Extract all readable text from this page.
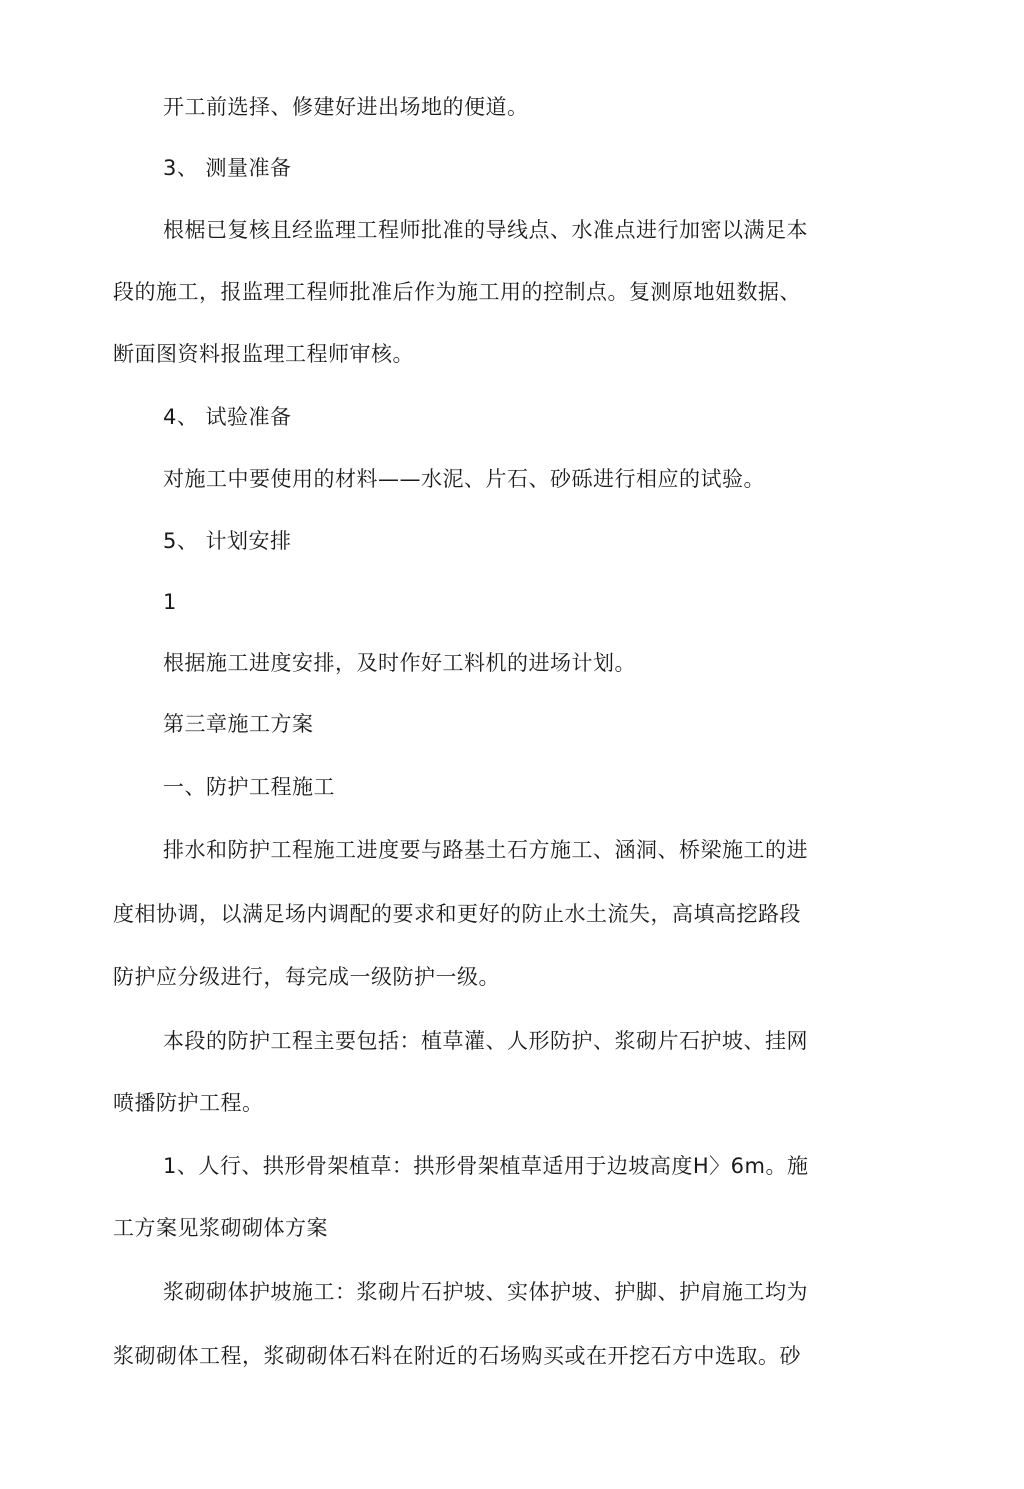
开工前选择、修建好进出场地的便道。
3、 测量准备
根椐已复核且经监理工程师批准的导线点、水准点进行加密以满足本
段的施工，报监理工程师批准后作为施工用的控制点。复测原地妞数据、
断面图资料报监理工程师审核。
4、 试验准备
对施工中要使用的材料——水泥、片石、砂砾进行相应的试验。
5、 计划安排
1
根据施工进度安排，及时作好工料机的进场计划。
第三章施工方案
一、防护工程施工
排水和防护工程施工进度要与路基土石方施工、涵洞、桥梁施工的进
度相协调，以满足场内调配的要求和更好的防止水土流失，高填高挖路段
防护应分级进行，每完成一级防护一级。
本段的防护工程主要包括：植草灌、人形防护、浆砌片石护坡、挂网
喷播防护工程。
1、人行、拱形骨架植草：拱形骨架植草适用于边坡高度H〉6m。施
工方案见浆砌砌体方案
浆砌砌体护坡施工：浆砌片石护坡、实体护坡、护脚、护肩施工均为
浆砌砌体工程，浆砌砌体石料在附近的石场购买或在开挖石方中选取。砂
